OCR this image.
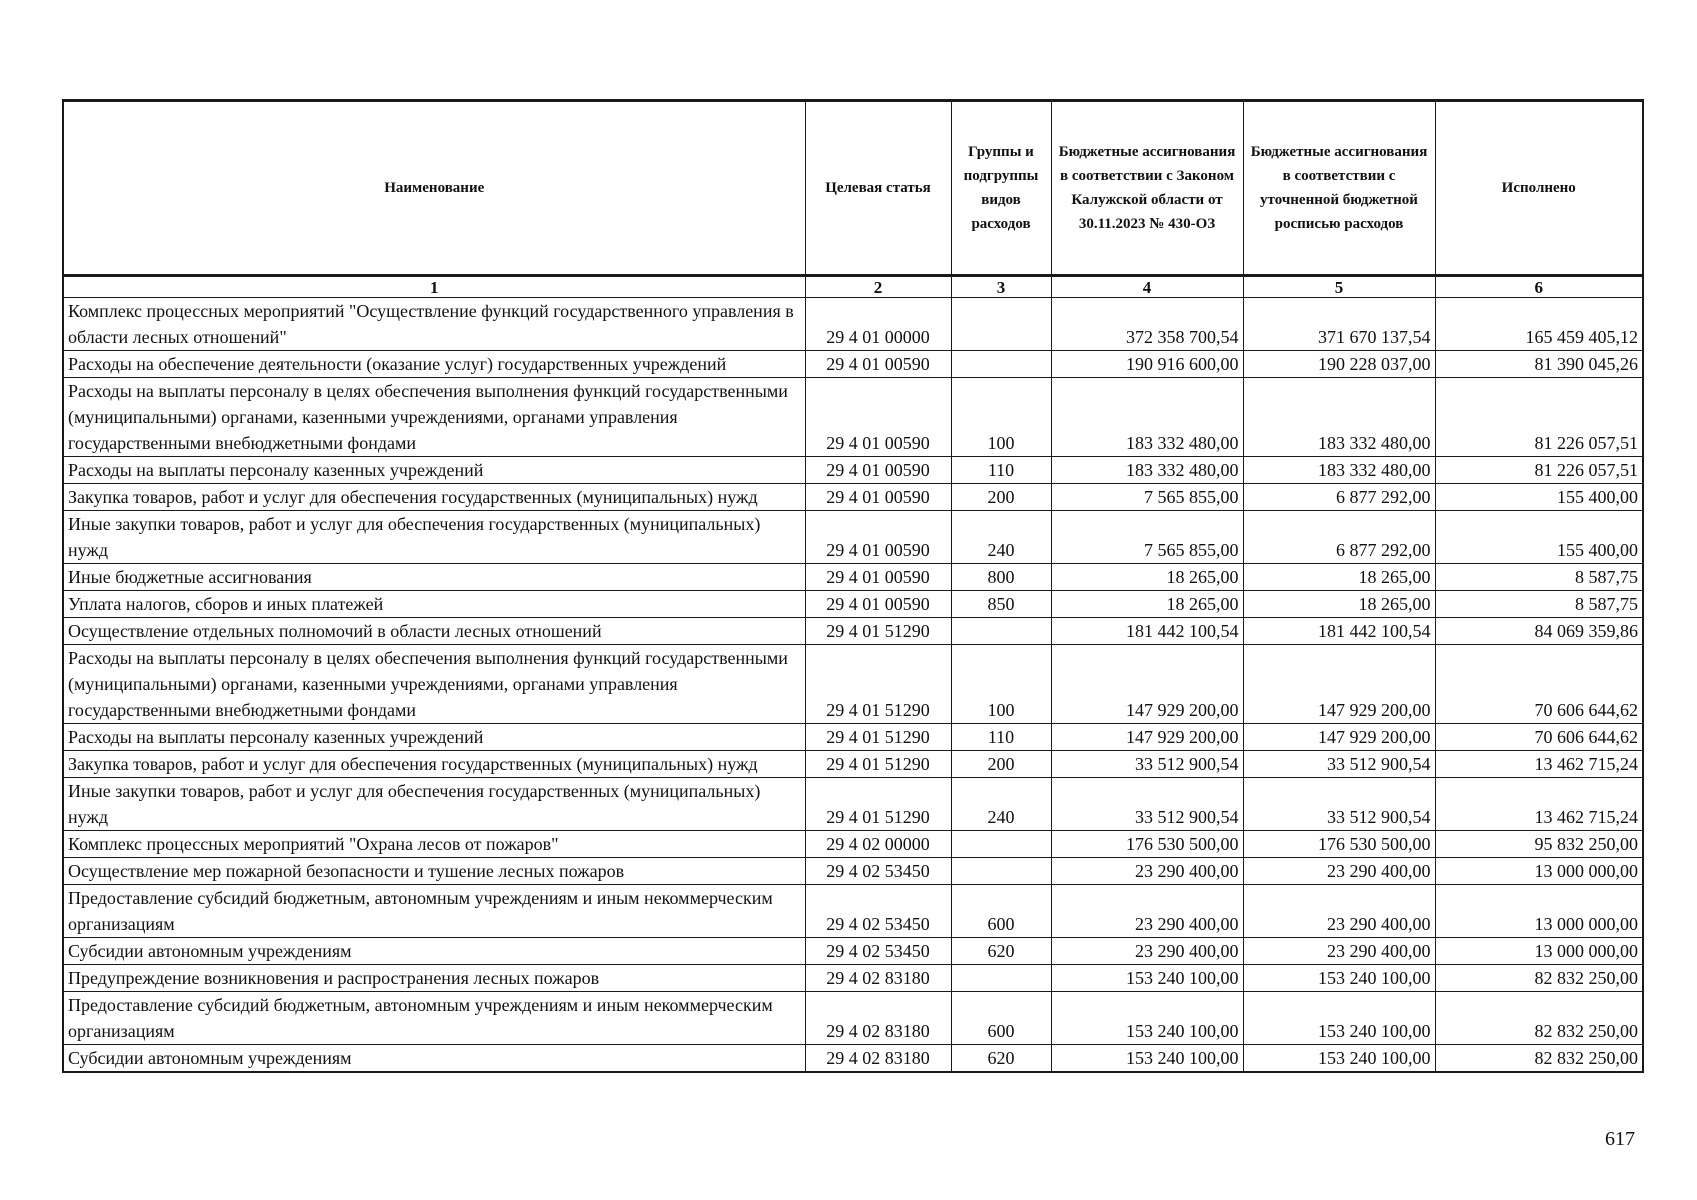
Наименование	Целевая статья	Группы и подгруппы видов расходов	Бюджетные ассигнования в соответствии с Законом Калужской области от 30.11.2023 № 430-ОЗ	Бюджетные ассигнования в соответствии с уточненной бюджетной росписью расходов	Исполнено
1	2	3	4	5	6
Комплекс процессных мероприятий "Осуществление функций государственного управления в области лесных отношений"	29 4 01 00000		372 358 700,54	371 670 137,54	165 459 405,12
Расходы на обеспечение деятельности (оказание услуг) государственных учреждений	29 4 01 00590		190 916 600,00	190 228 037,00	81 390 045,26
Расходы на выплаты персоналу в целях обеспечения выполнения функций государственными (муниципальными) органами, казенными учреждениями, органами управления государственными внебюджетными фондами	29 4 01 00590	100	183 332 480,00	183 332 480,00	81 226 057,51
Расходы на выплаты персоналу казенных учреждений	29 4 01 00590	110	183 332 480,00	183 332 480,00	81 226 057,51
Закупка товаров, работ и услуг для обеспечения государственных (муниципальных) нужд	29 4 01 00590	200	7 565 855,00	6 877 292,00	155 400,00
Иные закупки товаров, работ и услуг для обеспечения государственных (муниципальных) нужд	29 4 01 00590	240	7 565 855,00	6 877 292,00	155 400,00
Иные бюджетные ассигнования	29 4 01 00590	800	18 265,00	18 265,00	8 587,75
Уплата налогов, сборов и иных платежей	29 4 01 00590	850	18 265,00	18 265,00	8 587,75
Осуществление отдельных полномочий в области лесных отношений	29 4 01 51290		181 442 100,54	181 442 100,54	84 069 359,86
Расходы на выплаты персоналу в целях обеспечения выполнения функций государственными (муниципальными) органами, казенными учреждениями, органами управления государственными внебюджетными фондами	29 4 01 51290	100	147 929 200,00	147 929 200,00	70 606 644,62
Расходы на выплаты персоналу казенных учреждений	29 4 01 51290	110	147 929 200,00	147 929 200,00	70 606 644,62
Закупка товаров, работ и услуг для обеспечения государственных (муниципальных) нужд	29 4 01 51290	200	33 512 900,54	33 512 900,54	13 462 715,24
Иные закупки товаров, работ и услуг для обеспечения государственных (муниципальных) нужд	29 4 01 51290	240	33 512 900,54	33 512 900,54	13 462 715,24
Комплекс процессных мероприятий "Охрана лесов от пожаров"	29 4 02 00000		176 530 500,00	176 530 500,00	95 832 250,00
Осуществление мер пожарной безопасности и тушение лесных пожаров	29 4 02 53450		23 290 400,00	23 290 400,00	13 000 000,00
Предоставление субсидий бюджетным, автономным учреждениям и иным некоммерческим организациям	29 4 02 53450	600	23 290 400,00	23 290 400,00	13 000 000,00
Субсидии автономным учреждениям	29 4 02 53450	620	23 290 400,00	23 290 400,00	13 000 000,00
Предупреждение возникновения и распространения лесных пожаров	29 4 02 83180		153 240 100,00	153 240 100,00	82 832 250,00
Предоставление субсидий бюджетным, автономным учреждениям и иным некоммерческим организациям	29 4 02 83180	600	153 240 100,00	153 240 100,00	82 832 250,00
Субсидии автономным учреждениям	29 4 02 83180	620	153 240 100,00	153 240 100,00	82 832 250,00
617
